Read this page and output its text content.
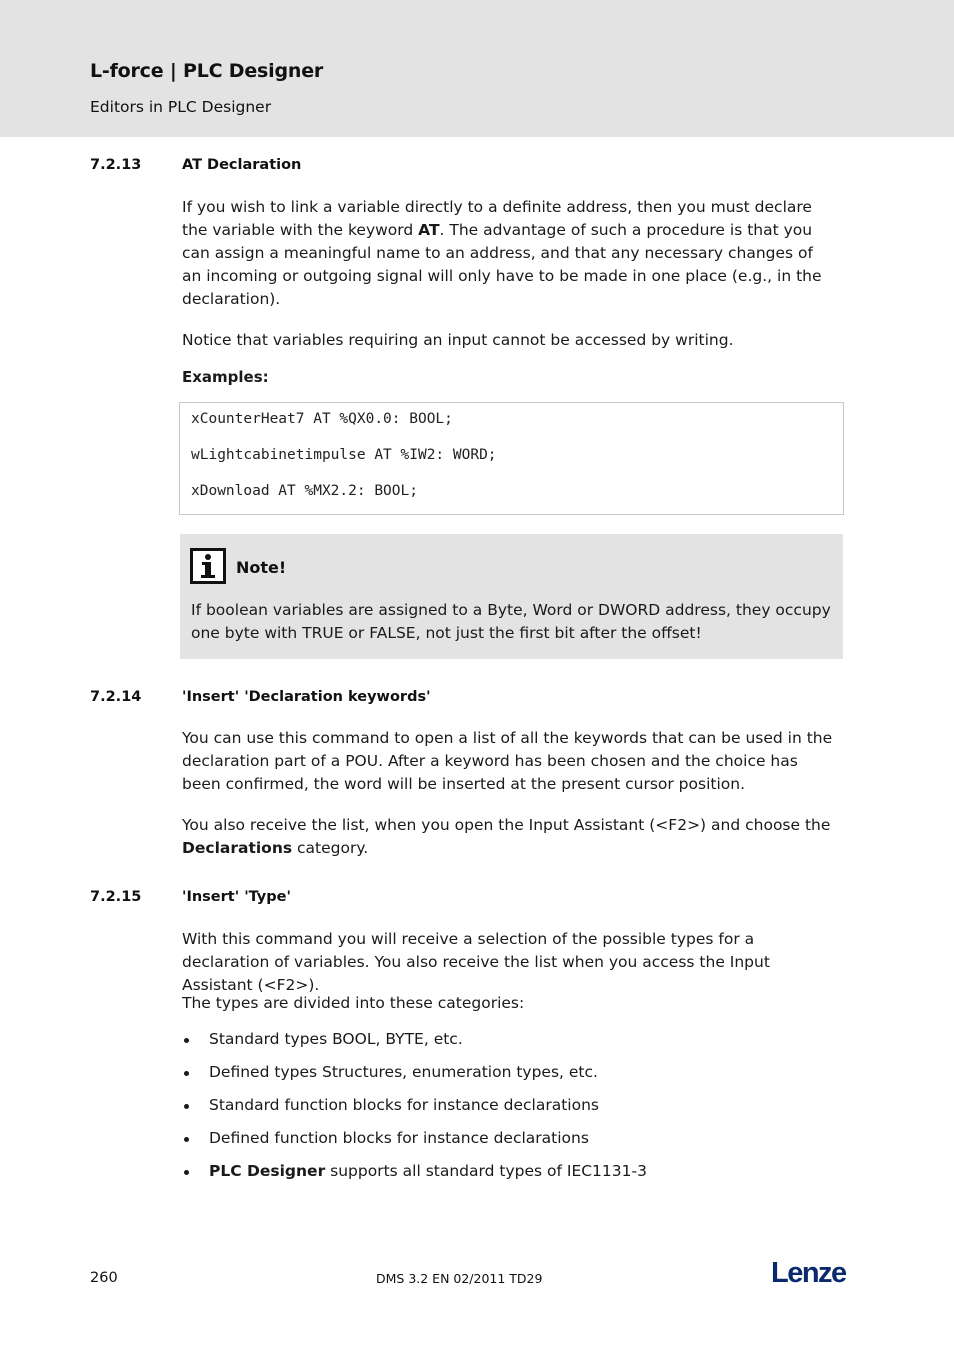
L-force | PLC Designer
Editors in PLC Designer
7.2.13	AT Declaration
If you wish to link a variable directly to a definite address, then you must declare the variable with the keyword AT. The advantage of such a procedure is that you can assign a meaningful name to an address, and that any necessary changes of an incoming or outgoing signal will only have to be made in one place (e.g., in the declaration).
Notice that variables requiring an input cannot be accessed by writing.
Examples:
xCounterHeat7 AT %QX0.0: BOOL;
wLightcabinetimpulse AT %IW2: WORD;
xDownload AT %MX2.2: BOOL;
Note!
If boolean variables are assigned to a Byte, Word or DWORD address, they occupy one byte with TRUE or FALSE, not just the first bit after the offset!
7.2.14	'Insert' 'Declaration keywords'
You can use this command to open a list of all the keywords that can be used in the declaration part of a POU. After a keyword has been chosen and the choice has been confirmed, the word will be inserted at the present cursor position.
You also receive the list, when you open the Input Assistant (<F2>) and choose the Declarations category.
7.2.15	'Insert' 'Type'
With this command you will receive a selection of the possible types for a declaration of variables. You also receive the list when you access the Input Assistant (<F2>).
The types are divided into these categories:
Standard types BOOL, BYTE, etc.
Defined types Structures, enumeration types, etc.
Standard function blocks for instance declarations
Defined function blocks for instance declarations
PLC Designer supports all standard types of IEC1131-3
260	DMS 3.2 EN 02/2011 TD29	Lenze
